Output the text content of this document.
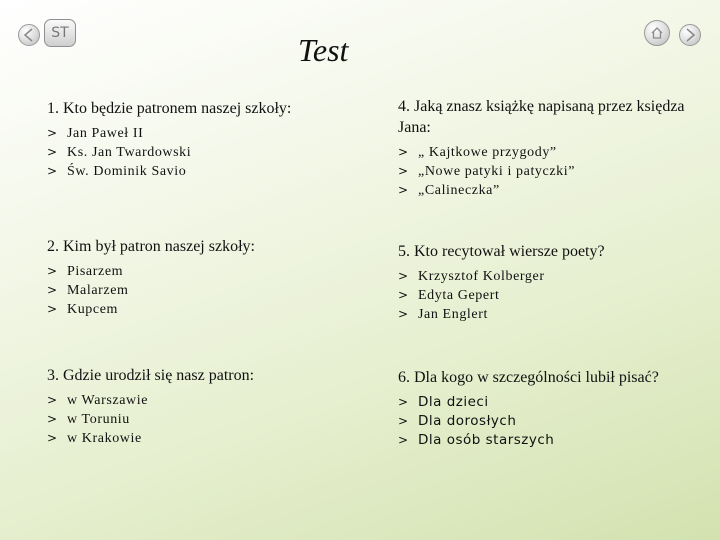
ST	Test

1. Kto będzie patronem naszej szkoły:

> Jan Paweł II
> Ks. Jan Twardowski
> Św. Dominik Savio

2. Kim był patron naszej szkoły:

> Pisarzem
> Malarzem
> Kupcem

3. Gdzie urodził się nasz patron:

> w Warszawie
> w Toruniu
> w Krakowie

4. Jaką znasz książkę napisaną przez księdza Jana:

> „ Kajtkowe przygody”
> „Nowe patyki i patyczki”
> „Calineczka”

5. Kto recytował wiersze poety?

> Krzysztof Kolberger
> Edyta Gepert
> Jan Englert

6. Dla kogo w szczególności lubił pisać?

> Dla dzieci
> Dla dorosłych
> Dla osób starszych
